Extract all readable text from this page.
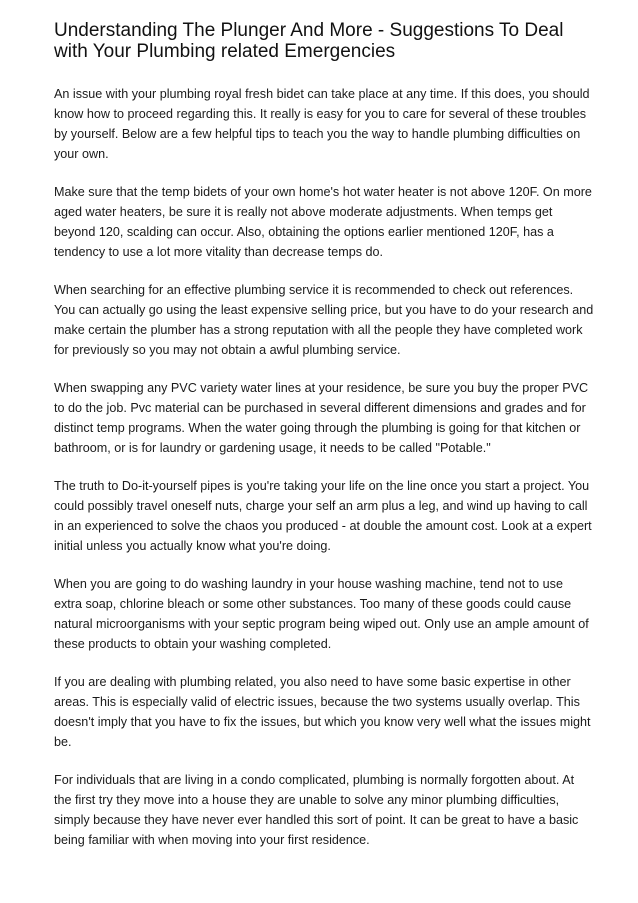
Understanding The Plunger And More - Suggestions To Deal with Your Plumbing related Emergencies

An issue with your plumbing royal fresh bidet can take place at any time. If this does, you should know how to proceed regarding this. It really is easy for you to care for several of these troubles by yourself. Below are a few helpful tips to teach you the way to handle plumbing difficulties on your own.

Make sure that the temp bidets of your own home's hot water heater is not above 120F. On more aged water heaters, be sure it is really not above moderate adjustments. When temps get beyond 120, scalding can occur. Also, obtaining the options earlier mentioned 120F, has a tendency to use a lot more vitality than decrease temps do.

When searching for an effective plumbing service it is recommended to check out references. You can actually go using the least expensive selling price, but you have to do your research and make certain the plumber has a strong reputation with all the people they have completed work for previously so you may not obtain a awful plumbing service.

When swapping any PVC variety water lines at your residence, be sure you buy the proper PVC to do the job. Pvc material can be purchased in several different dimensions and grades and for distinct temp programs. When the water going through the plumbing is going for that kitchen or bathroom, or is for laundry or gardening usage, it needs to be called "Potable."

The truth to Do-it-yourself pipes is you're taking your life on the line once you start a project. You could possibly travel oneself nuts, charge your self an arm plus a leg, and wind up having to call in an experienced to solve the chaos you produced - at double the amount cost. Look at a expert initial unless you actually know what you're doing.

When you are going to do washing laundry in your house washing machine, tend not to use extra soap, chlorine bleach or some other substances. Too many of these goods could cause natural microorganisms with your septic program being wiped out. Only use an ample amount of these products to obtain your washing completed.

If you are dealing with plumbing related, you also need to have some basic expertise in other areas. This is especially valid of electric issues, because the two systems usually overlap. This doesn't imply that you have to fix the issues, but which you know very well what the issues might be.

For individuals that are living in a condo complicated, plumbing is normally forgotten about. At the first try they move into a house they are unable to solve any minor plumbing difficulties, simply because they have never ever handled this sort of point. It can be great to have a basic being familiar with when moving into your first residence.
